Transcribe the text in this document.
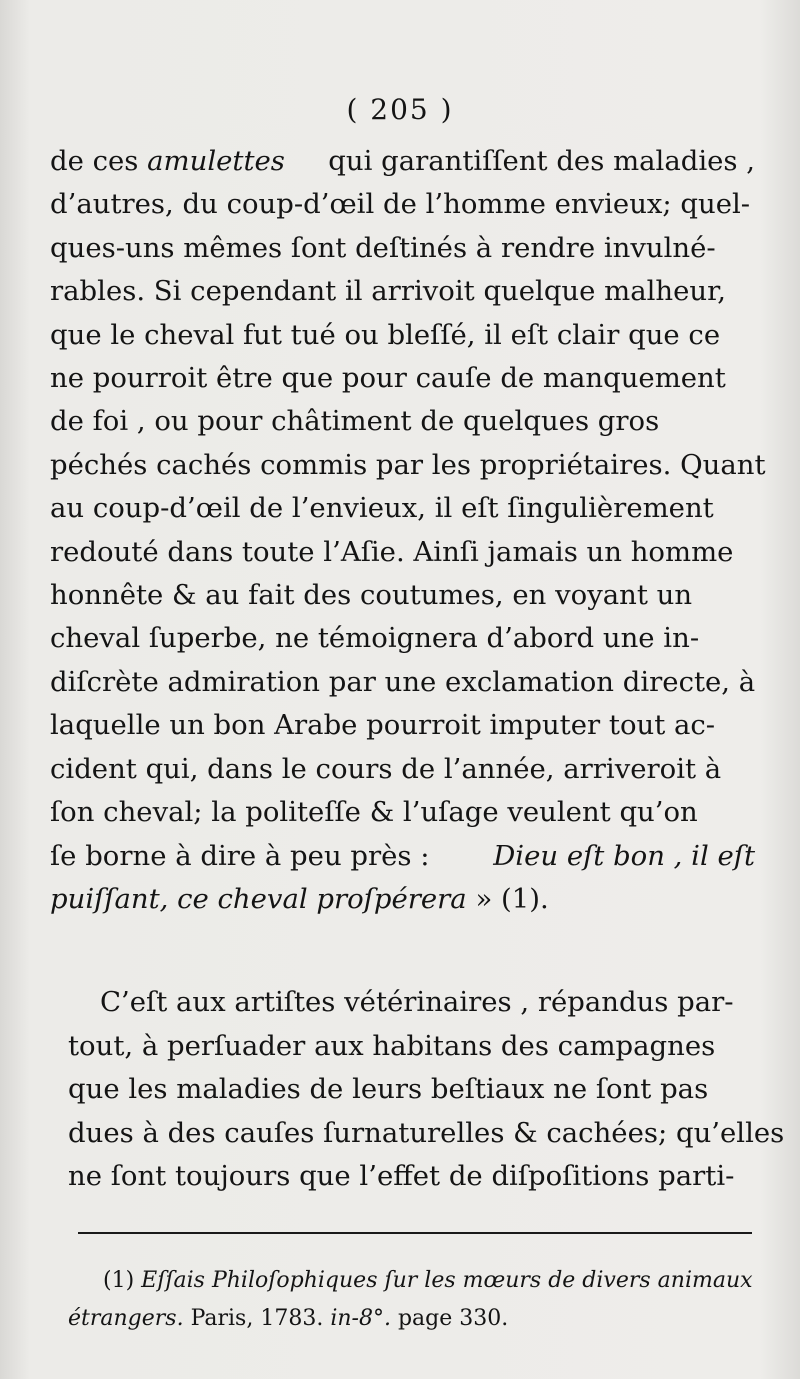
( 205 )
de ces amulettes qui garantiſſent des maladies ,
d’autres, du coup-d’œil de l’homme envieux; quel-
ques-uns mêmes ſont deſtinés à rendre invulné-
rables. Si cependant il arrivoit quelque malheur,
que le cheval fut tué ou bleſſé, il eſt clair que ce
ne pourroit être que pour cauſe de manquement
de foi , ou pour châtiment de quelques gros
péchés cachés commis par les propriétaires. Quant
au coup-d’œil de l’envieux, il eſt ſingulièrement
redouté dans toute l’Aſie. Ainſi jamais un homme
honnête & au fait des coutumes, en voyant un
cheval ſuperbe, ne témoignera d’abord une in-
diſcrète admiration par une exclamation directe, à
laquelle un bon Arabe pourroit imputer tout ac-
cident qui, dans le cours de l’année, arriveroit à
ſon cheval; la politeſſe & l’uſage veulent qu’on
ſe borne à dire à peu près : Dieu eſt bon , il eſt
puiſſant, ce cheval proſpérera » (1).
C’eſt aux artiſtes vétérinaires , répandus par-
tout, à perſuader aux habitans des campagnes
que les maladies de leurs beſtiaux ne ſont pas
dues à des cauſes ſurnaturelles & cachées; qu’elles
ne ſont toujours que l’effet de diſpoſitions parti-
(1) Eſſais Philoſophiques ſur les mœurs de divers animaux
étrangers. Paris, 1783. in-8°. page 330.
